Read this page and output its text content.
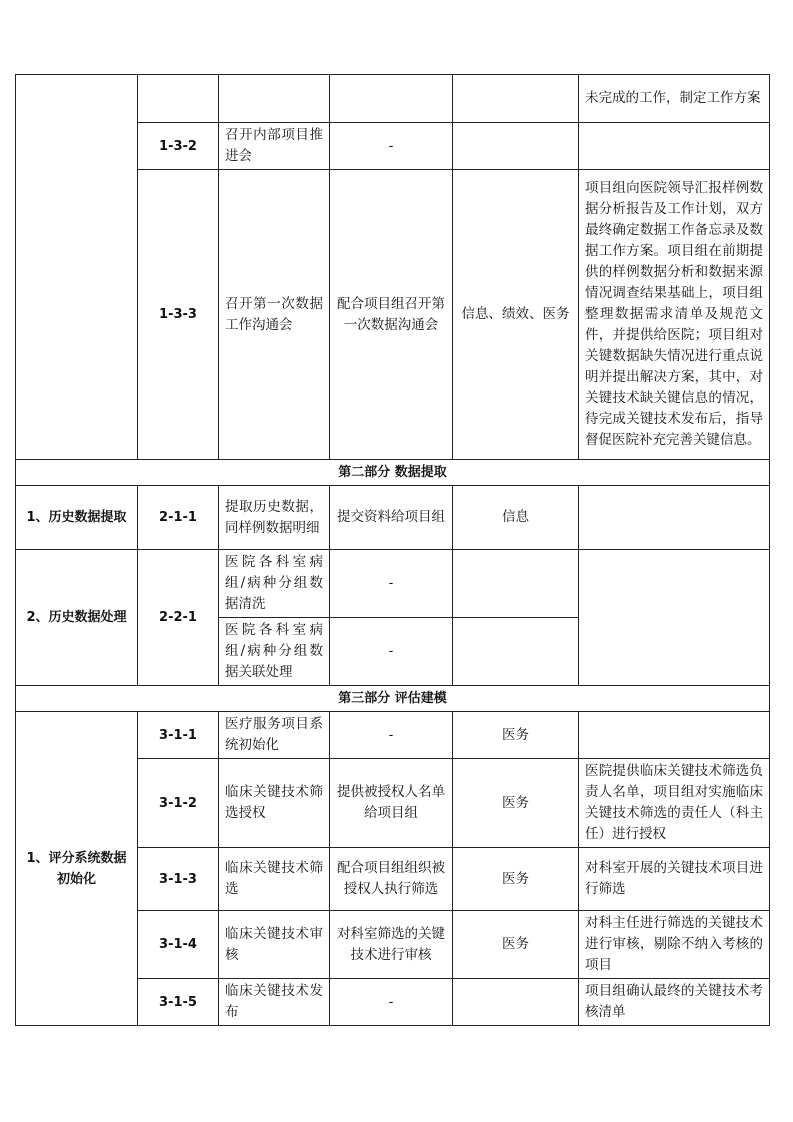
					未完成的工作，制定工作方案
	1-3-2	召开内部项目推进会	-		
	1-3-3	召开第一次数据工作沟通会	配合项目组召开第一次数据沟通会	信息、绩效、医务	项目组向医院领导汇报样例数据分析报告及工作计划，双方最终确定数据工作备忘录及数据工作方案。项目组在前期提供的样例数据分析和数据来源情况调查结果基础上，项目组整理数据需求清单及规范文件，并提供给医院；项目组对关键数据缺失情况进行重点说明并提出解决方案，其中，对关键技术缺关键信息的情况，待完成关键技术发布后，指导督促医院补充完善关键信息。
第二部分 数据提取					
1、历史数据提取	2-1-1	提取历史数据，同样例数据明细	提交资料给项目组	信息	
2、历史数据处理	2-2-1	医院各科室病组/病种分组数据清洗	-		
		医院各科室病组/病种分组数据关联处理	-		
第三部分 评估建模					
1、评分系统数据初始化	3-1-1	医疗服务项目系统初始化	-	医务	
	3-1-2	临床关键技术筛选授权	提供被授权人名单给项目组	医务	医院提供临床关键技术筛选负责人名单，项目组对实施临床关键技术筛选的责任人（科主任）进行授权
	3-1-3	临床关键技术筛选	配合项目组组织被授权人执行筛选	医务	对科室开展的关键技术项目进行筛选
	3-1-4	临床关键技术审核	对科室筛选的关键技术进行审核	医务	对科主任进行筛选的关键技术进行审核，剔除不纳入考核的项目
	3-1-5	临床关键技术发布	-		项目组确认最终的关键技术考核清单
